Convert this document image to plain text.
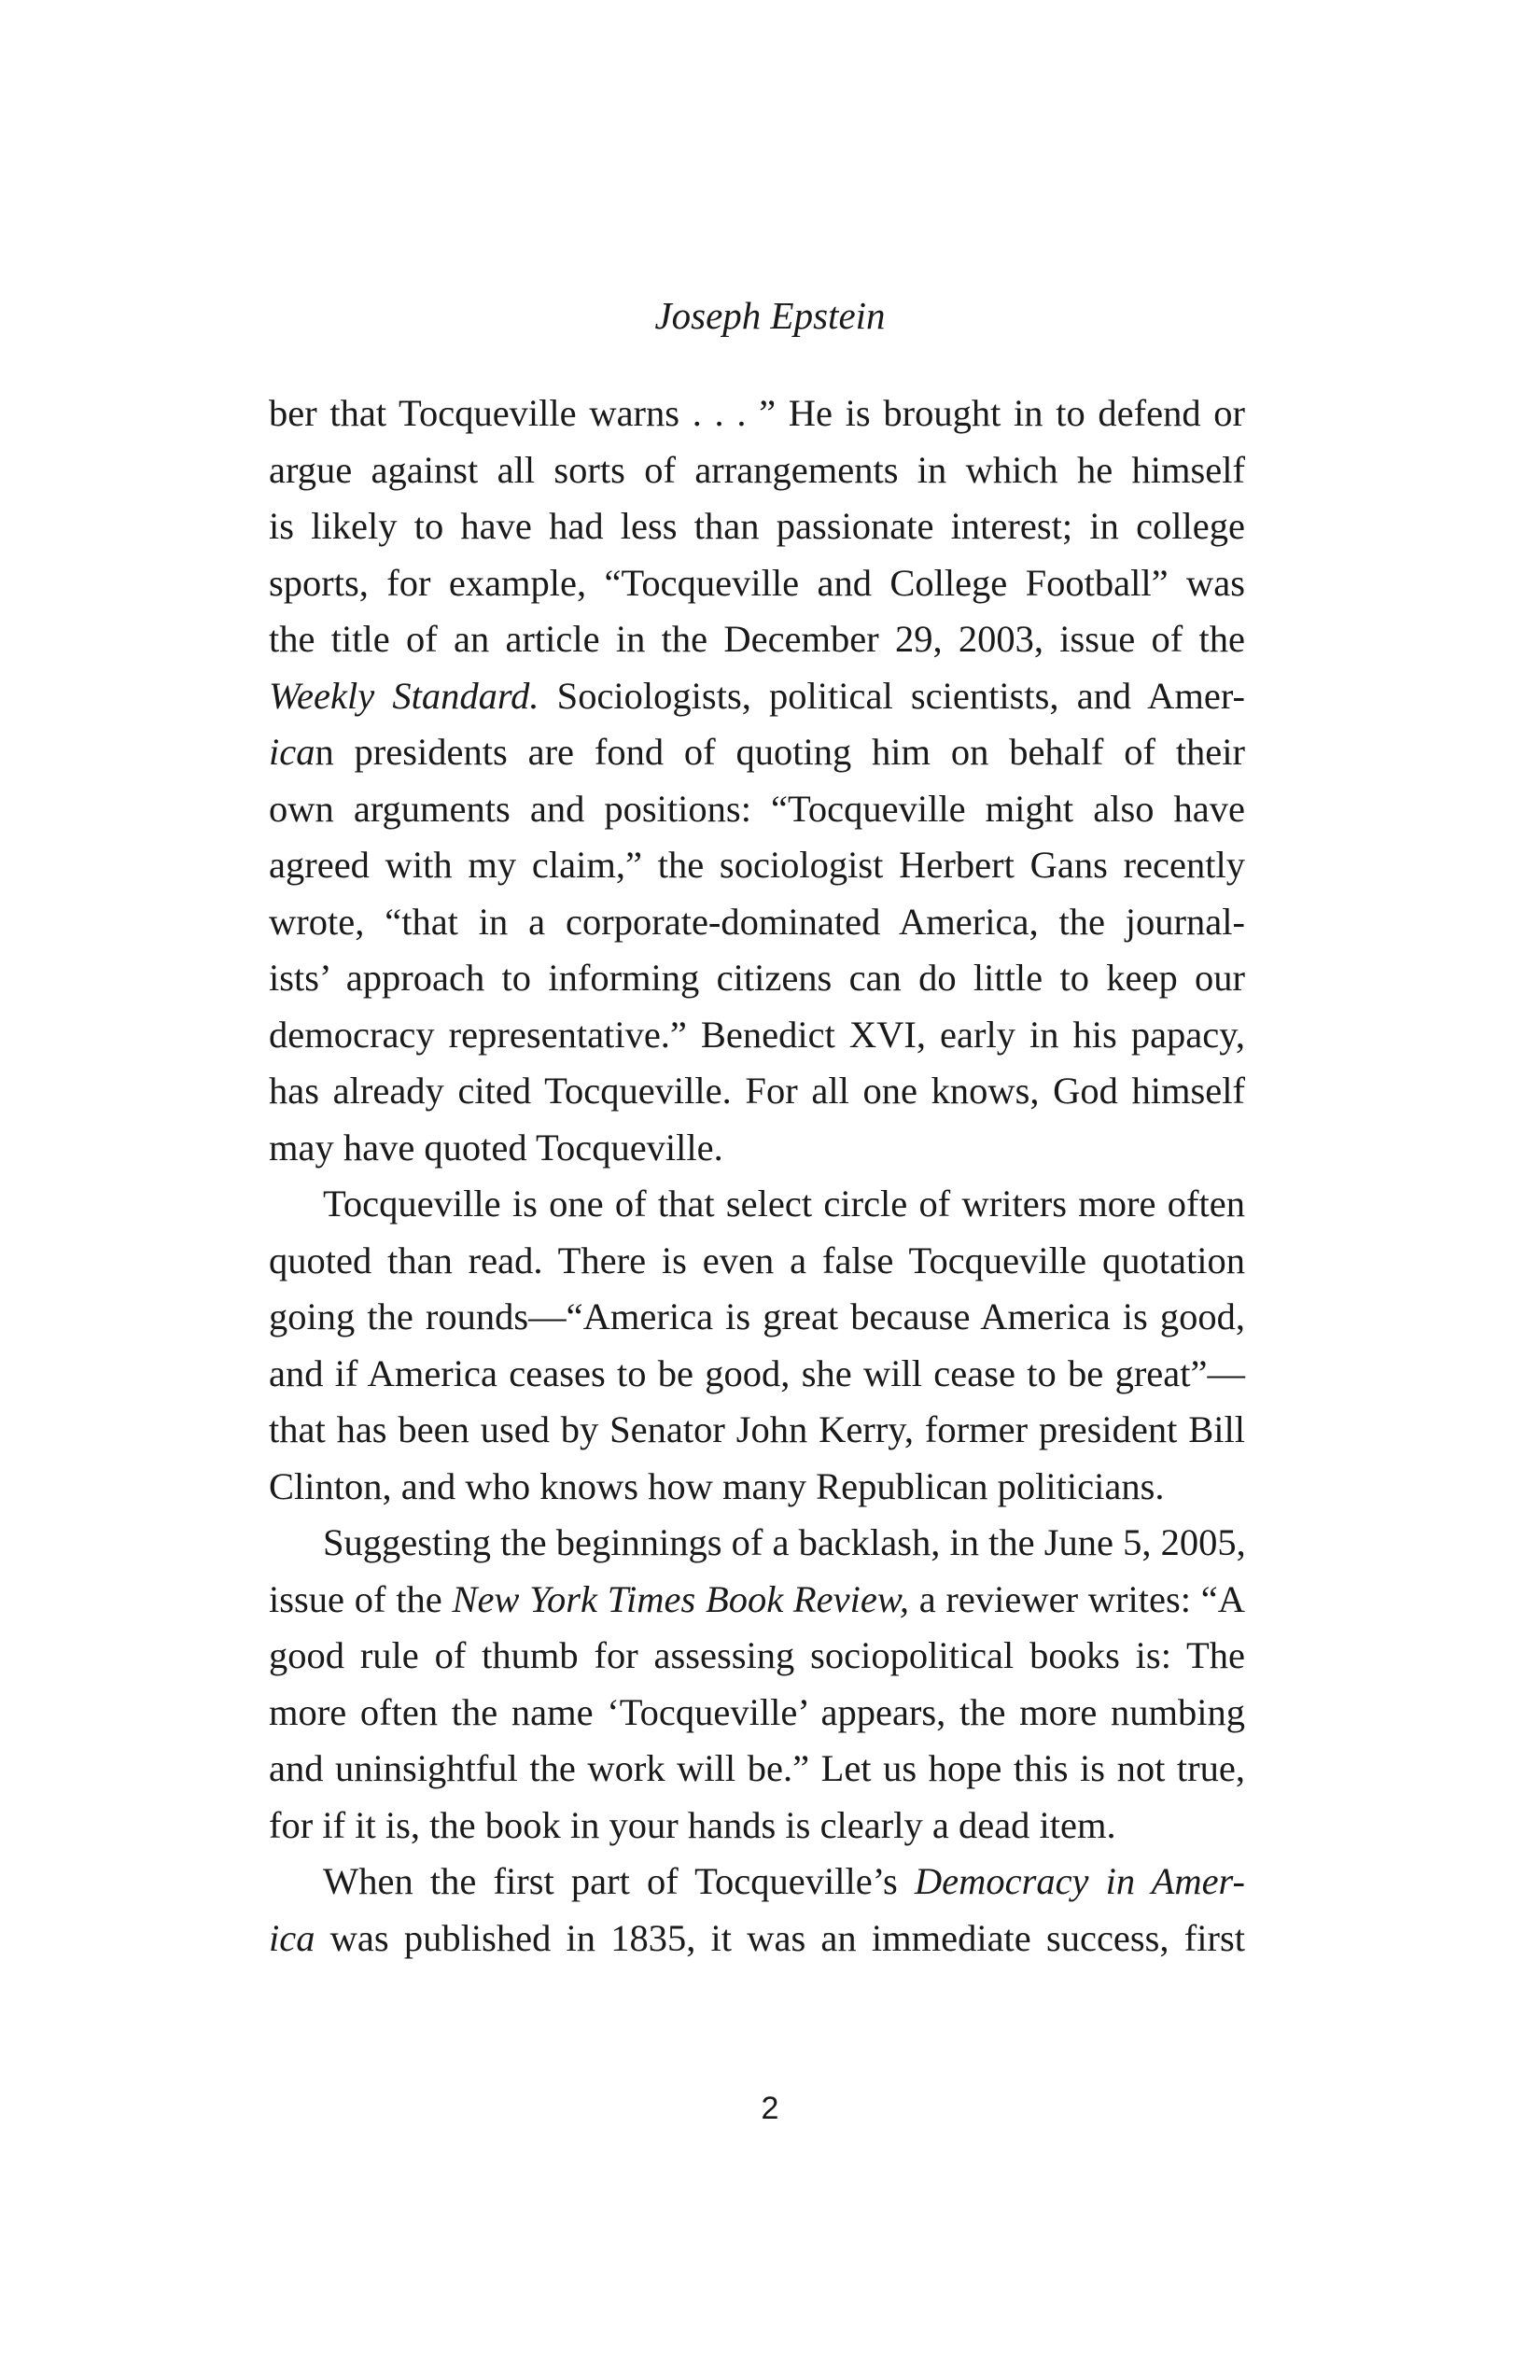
Joseph Epstein
ber that Tocqueville warns . . . ” He is brought in to defend or
argue against all sorts of arrangements in which he himself
is likely to have had less than passionate interest; in college
sports, for example, “Tocqueville and College Football” was
the title of an article in the December 29, 2003, issue of the
Weekly Standard. Sociologists, political scientists, and Amer-
ican presidents are fond of quoting him on behalf of their
own arguments and positions: “Tocqueville might also have
agreed with my claim,” the sociologist Herbert Gans recently
wrote, “that in a corporate-dominated America, the journal-
ists’ approach to informing citizens can do little to keep our
democracy representative.” Benedict XVI, early in his papacy,
has already cited Tocqueville. For all one knows, God himself
may have quoted Tocqueville.
Tocqueville is one of that select circle of writers more often
quoted than read. There is even a false Tocqueville quotation
going the rounds—“America is great because America is good,
and if America ceases to be good, she will cease to be great”—
that has been used by Senator John Kerry, former president Bill
Clinton, and who knows how many Republican politicians.
Suggesting the beginnings of a backlash, in the June 5, 2005,
issue of the New York Times Book Review, a reviewer writes: “A
good rule of thumb for assessing sociopolitical books is: The
more often the name ‘Tocqueville’ appears, the more numbing
and uninsightful the work will be.” Let us hope this is not true,
for if it is, the book in your hands is clearly a dead item.
When the first part of Tocqueville’s Democracy in Amer-
ica was published in 1835, it was an immediate success, first
2
